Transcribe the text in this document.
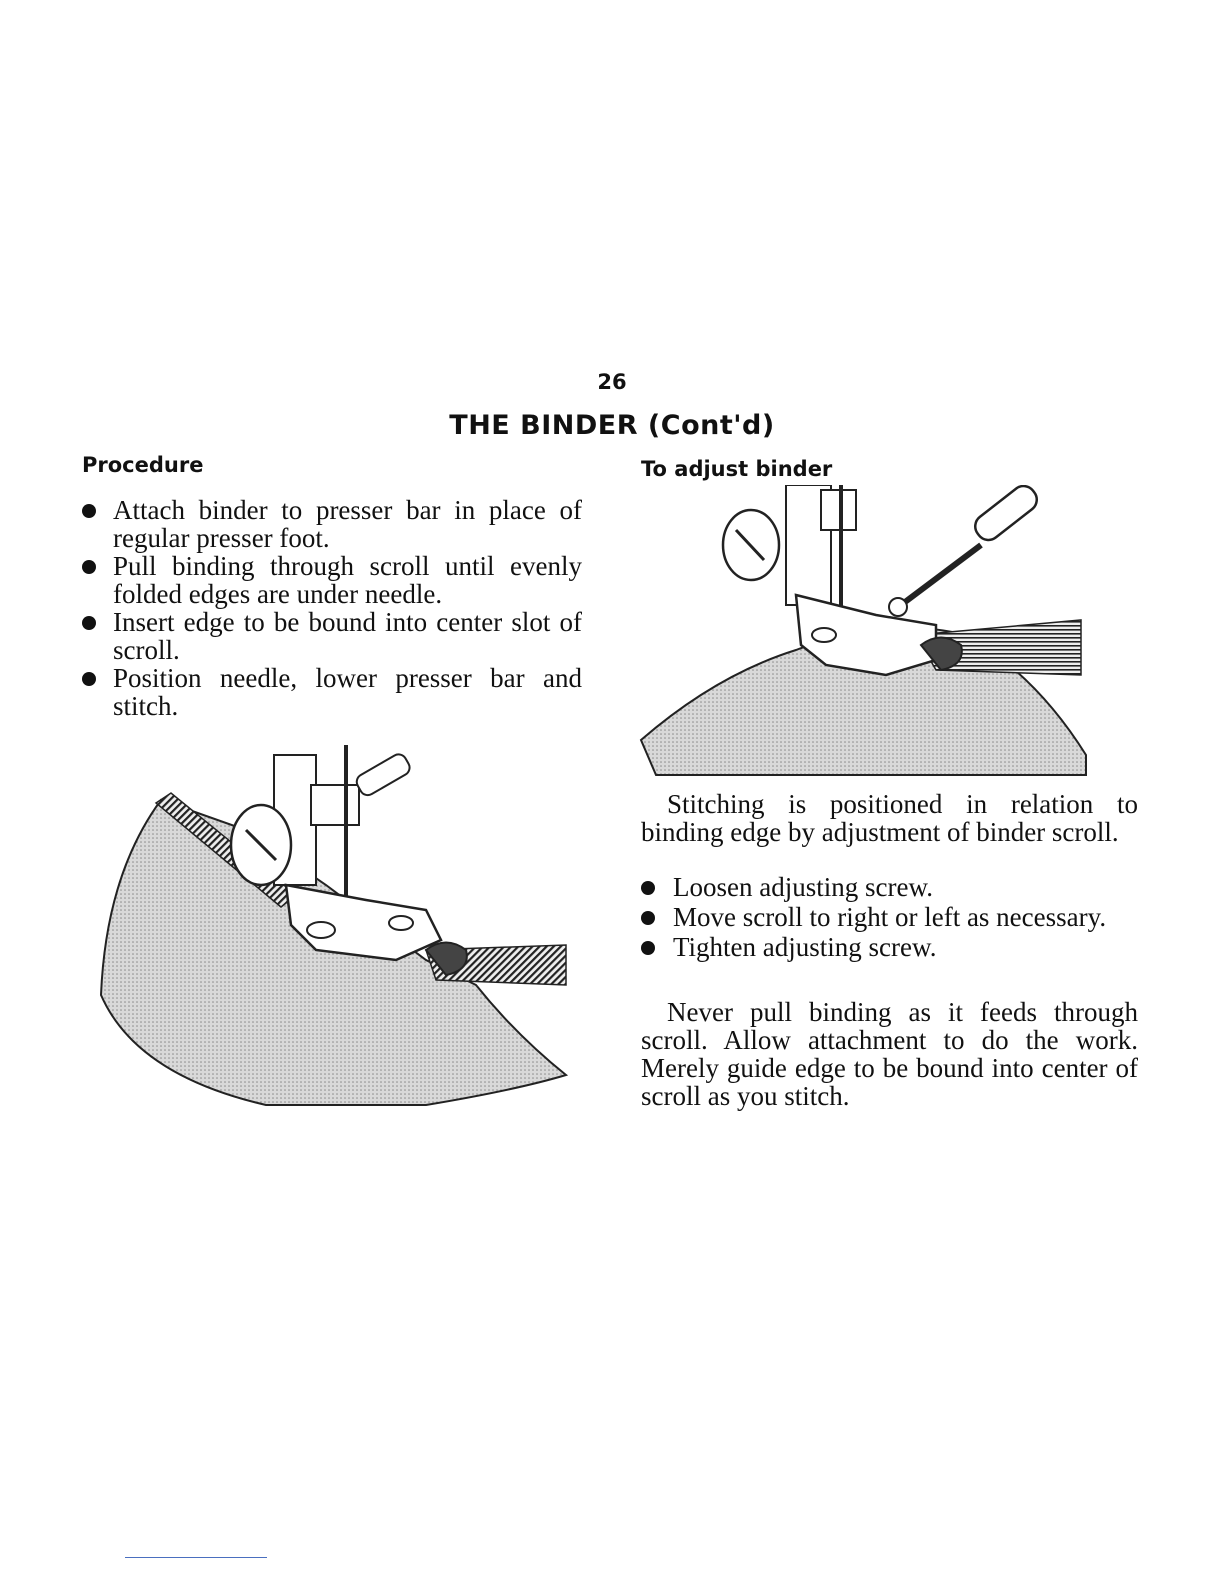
26
THE BINDER (Cont'd)
Procedure	To adjust binder
Attach binder to presser bar in place of regular presser foot.
Pull binding through scroll until evenly folded edges are under needle.
Insert edge to be bound into center slot of scroll.
Position needle, lower presser bar and stitch.

Stitching is positioned in relation to binding edge by adjustment of binder scroll.

Loosen adjusting screw.
Move scroll to right or left as necessary.
Tighten adjusting screw.

Never pull binding as it feeds through scroll. Allow attachment to do the work. Merely guide edge to be bound into center of scroll as you stitch.
